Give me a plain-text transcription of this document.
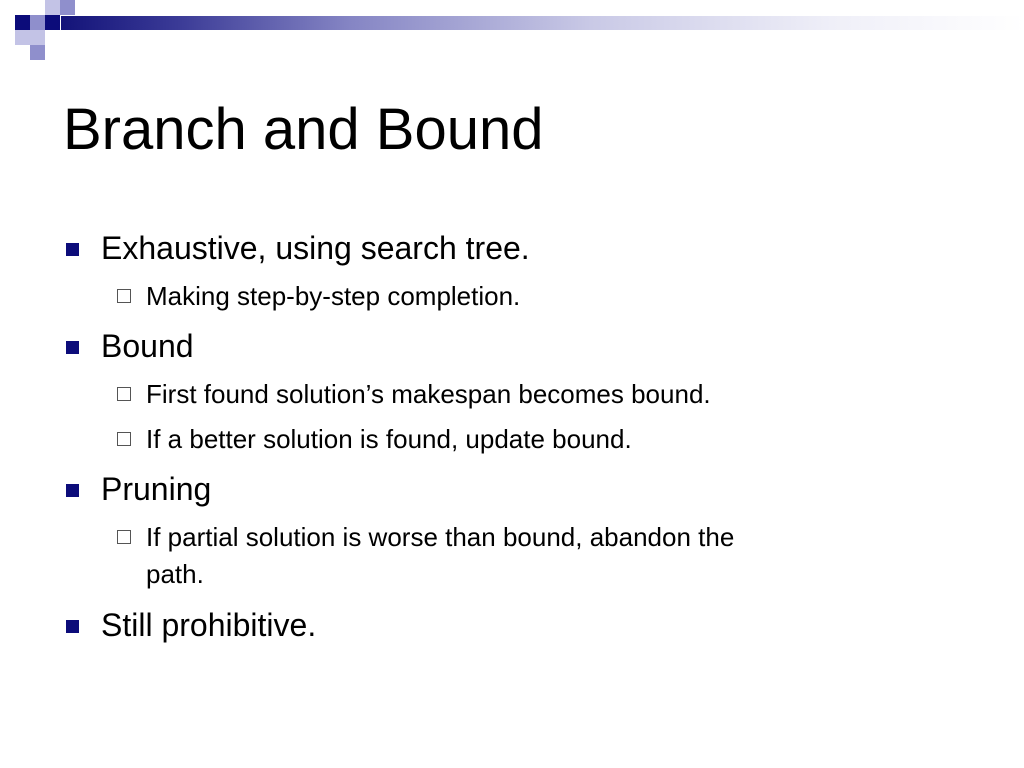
Branch and Bound
Exhaustive, using search tree.
Making step-by-step completion.
Bound
First found solution’s makespan becomes bound.
If a better solution is found, update bound.
Pruning
If partial solution is worse than bound, abandon the
path.
Still prohibitive.
